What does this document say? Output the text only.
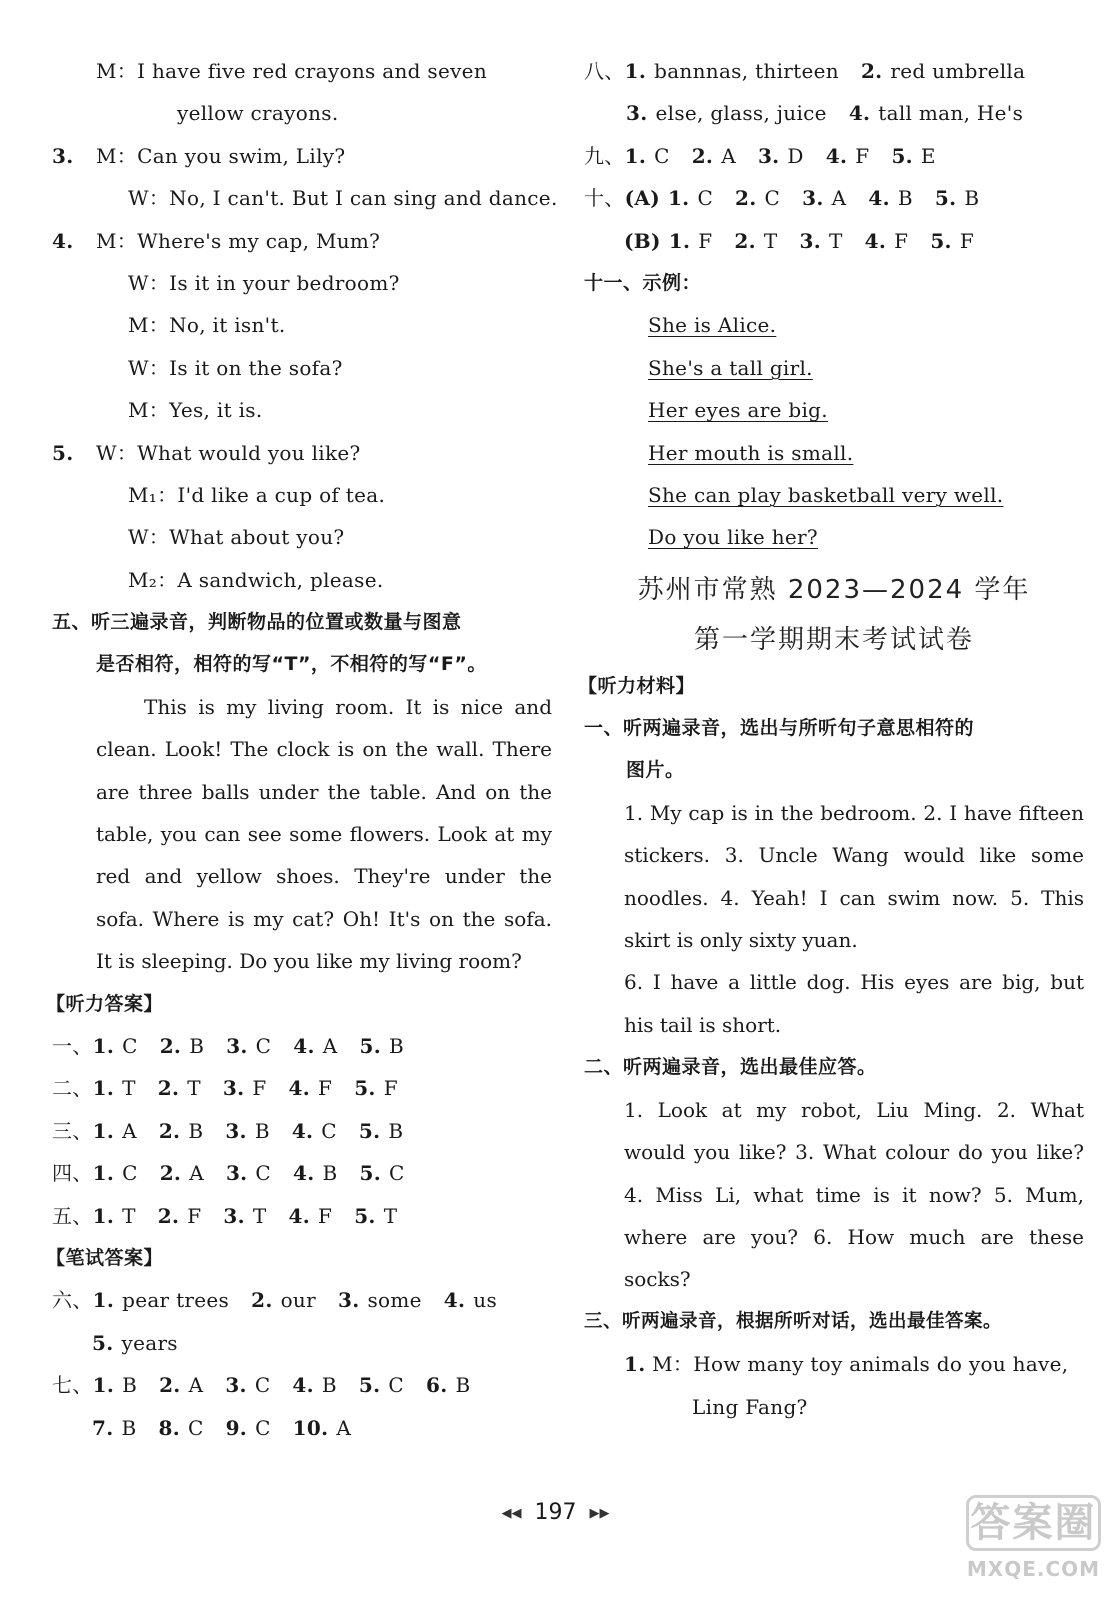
M：I have five red crayons and seven
yellow crayons.
3. M：Can you swim, Lily?
W：No, I can't. But I can sing and dance.
4. M：Where's my cap, Mum?
W：Is it in your bedroom?
M：No, it isn't.
W：Is it on the sofa?
M：Yes, it is.
5. W：What would you like?
M₁：I'd like a cup of tea.
W：What about you?
M₂：A sandwich, please.
五、听三遍录音，判断物品的位置或数量与图意
是否相符，相符的写“T”，不相符的写“F”。

This is my living room. It is nice and clean. Look! The clock is on the wall. There are three balls under the table. And on the table, you can see some flowers. Look at my red and yellow shoes. They're under the sofa. Where is my cat? Oh! It's on the sofa. It is sleeping. Do you like my living room?

【听力答案】
一、1. C 2. B 3. C 4. A 5. B
二、1. T 2. T 3. F 4. F 5. F
三、1. A 2. B 3. B 4. C 5. B
四、1. C 2. A 3. C 4. B 5. C
五、1. T 2. F 3. T 4. F 5. T
【笔试答案】
六、1. pear trees 2. our 3. some 4. us
5. years
七、1. B 2. A 3. C 4. B 5. C 6. B
7. B 8. C 9. C 10. A
八、1. bannnas, thirteen 2. red umbrella
3. else, glass, juice 4. tall man, He's
九、1. C 2. A 3. D 4. F 5. E
十、(A) 1. C 2. C 3. A 4. B 5. B
(B) 1. F 2. T 3. T 4. F 5. F
十一、示例：
She is Alice.
She's a tall girl.
Her eyes are big.
Her mouth is small.
She can play basketball very well.
Do you like her?
苏州市常熟 2023—2024 学年
第一学期期末考试试卷
【听力材料】
一、听两遍录音，选出与所听句子意思相符的
图片。

1. My cap is in the bedroom. 2. I have fifteen stickers. 3. Uncle Wang would like some noodles. 4. Yeah! I can swim now. 5. This skirt is only sixty yuan.

6. I have a little dog. His eyes are big, but his tail is short.

二、听两遍录音，选出最佳应答。

1. Look at my robot, Liu Ming. 2. What would you like? 3. What colour do you like? 4. Miss Li, what time is it now? 5. Mum, where are you? 6. How much are these socks?

三、听两遍录音，根据所听对话，选出最佳答案。
1. M：How many toy animals do you have,
Ling Fang?
◀◀ 197 ▶▶	答案圈
MXQE.COM
